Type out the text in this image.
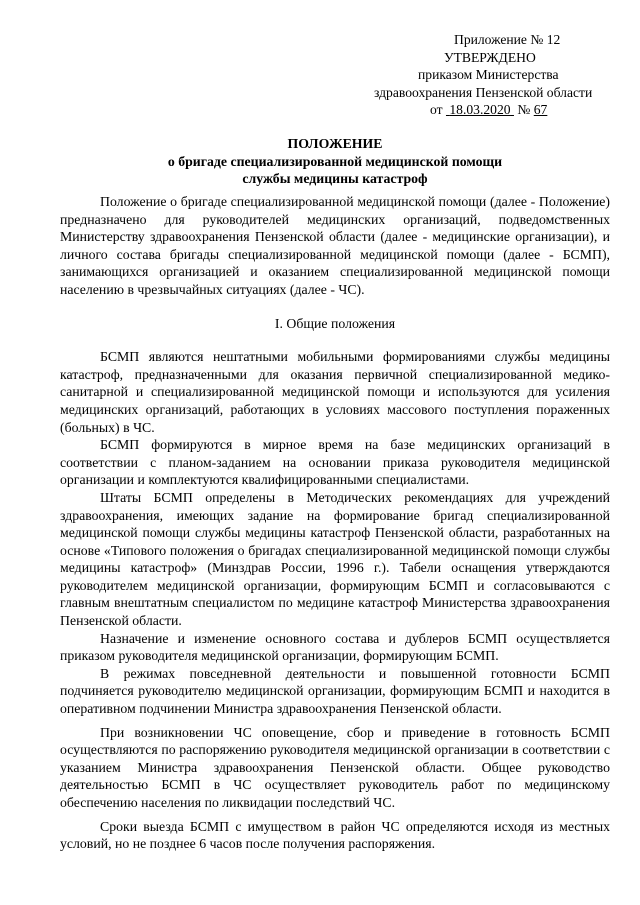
Приложение № 12
УТВЕРЖДЕНО
приказом Министерства
здравоохранения Пензенской области
от 18.03.2020 № 67
ПОЛОЖЕНИЕ
о бригаде специализированной медицинской помощи
службы медицины катастроф

Положение о бригаде специализированной медицинской помощи (далее - Положение) предназначено для руководителей медицинских организаций, подведомственных Министерству здравоохранения Пензенской области (далее - медицинские организации), и личного состава бригады специализированной медицинской помощи (далее - БСМП), занимающихся организацией и оказанием специализированной медицинской помощи населению в чрезвычайных ситуациях (далее - ЧС).

I. Общие положения

БСМП являются нештатными мобильными формированиями службы медицины катастроф, предназначенными для оказания первичной специализированной медико-санитарной и специализированной медицинской помощи и используются для усиления медицинских организаций, работающих в условиях массового поступления пораженных (больных) в ЧС.

БСМП формируются в мирное время на базе медицинских организаций в соответствии с планом-заданием на основании приказа руководителя медицинской организации и комплектуются квалифицированными специалистами.

Штаты БСМП определены в Методических рекомендациях для учреждений здравоохранения, имеющих задание на формирование бригад специализированной медицинской помощи службы медицины катастроф Пензенской области, разработанных на основе «Типового положения о бригадах специализированной медицинской помощи службы медицины катастроф» (Минздрав России, 1996 г.). Табели оснащения утверждаются руководителем медицинской организации, формирующим БСМП и согласовываются с главным внештатным специалистом по медицине катастроф Министерства здравоохранения Пензенской области.

Назначение и изменение основного состава и дублеров БСМП осуществляется приказом руководителя медицинской организации, формирующим БСМП.

В режимах повседневной деятельности и повышенной готовности БСМП подчиняется руководителю медицинской организации, формирующим БСМП и находится в оперативном подчинении Министра здравоохранения Пензенской области.

При возникновении ЧС оповещение, сбор и приведение в готовность БСМП осуществляются по распоряжению руководителя медицинской организации в соответствии с указанием Министра здравоохранения Пензенской области. Общее руководство деятельностью БСМП в ЧС осуществляет руководитель работ по медицинскому обеспечению населения по ликвидации последствий ЧС.

Сроки выезда БСМП с имуществом в район ЧС определяются исходя из местных условий, но не позднее 6 часов после получения распоряжения.
